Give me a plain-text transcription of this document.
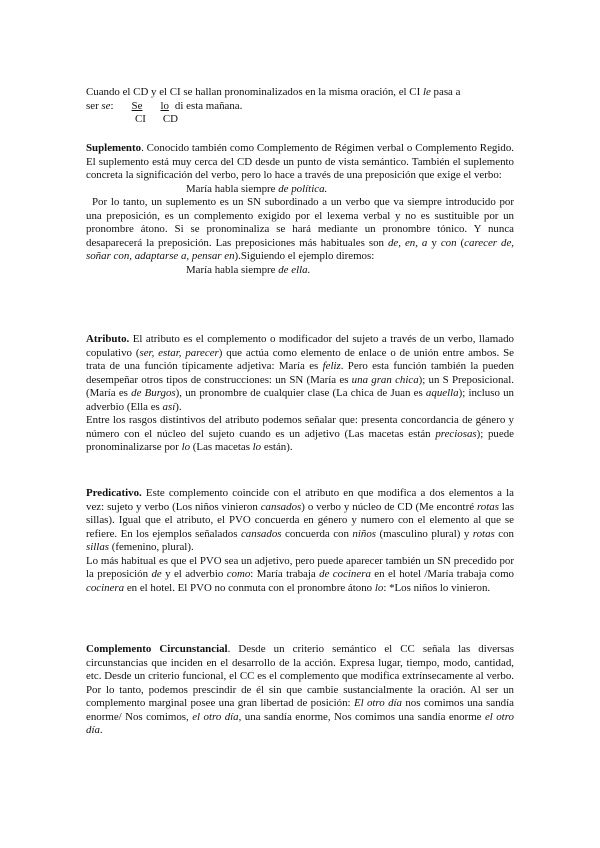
Cuando el CD y el CI se hallan pronominalizados en la misma oración, el CI le pasa a

ser se: Se lo di esta mañana.

CI CD

Suplemento. Conocido también como Complemento de Régimen verbal o Complemento Regido. El suplemento está muy cerca del CD desde un punto de vista semántico. También el suplemento concreta la significación del verbo, pero lo hace a través de una preposición que exige el verbo:

María habla siempre de política.

Por lo tanto, un suplemento es un SN subordinado a un verbo que va siempre introducido por una preposición, es un complemento exigido por el lexema verbal y no es sustituible por un pronombre átono. Si se pronominaliza se hará mediante un pronombre tónico. Y nunca desaparecerá la preposición. Las preposiciones más habituales son de, en, a y con (carecer de, soñar con, adaptarse a, pensar en).Siguiendo el ejemplo diremos:

María habla siempre de ella.

Atributo. El atributo es el complemento o modificador del sujeto a través de un verbo, llamado copulativo (ser, estar, parecer) que actúa como elemento de enlace o de unión entre ambos. Se trata de una función típicamente adjetiva: María es feliz. Pero esta función también la pueden desempeñar otros tipos de construcciones: un SN (María es una gran chica); un S Preposicional. (María es de Burgos), un pronombre de cualquier clase (La chica de Juan es aquella); incluso un adverbio (Ella es así).

Entre los rasgos distintivos del atributo podemos señalar que: presenta concordancia de género y número con el núcleo del sujeto cuando es un adjetivo (Las macetas están preciosas); puede pronominalizarse por lo (Las macetas lo están).

Predicativo. Este complemento coincide con el atributo en que modifica a dos elementos a la vez: sujeto y verbo (Los niños vinieron cansados) o verbo y núcleo de CD (Me encontré rotas las sillas). Igual que el atributo, el PVO concuerda en género y numero con el elemento al que se refiere. En los ejemplos señalados cansados concuerda con niños (masculino plural) y rotas con sillas (femenino, plural).

Lo más habitual es que el PVO sea un adjetivo, pero puede aparecer también un SN precedido por la preposición de y el adverbio como: María trabaja de cocinera en el hotel /María trabaja como cocinera en el hotel. El PVO no conmuta con el pronombre átono lo: *Los niños lo vinieron.

Complemento Circunstancial. Desde un criterio semántico el CC señala las diversas circunstancias que inciden en el desarrollo de la acción. Expresa lugar, tiempo, modo, cantidad, etc. Desde un criterio funcional, el CC es el complemento que modifica extrínsecamente al verbo. Por lo tanto, podemos prescindir de él sin que cambie sustancialmente la oración. Al ser un complemento marginal posee una gran libertad de posición: El otro día nos comimos una sandía enorme/ Nos comimos, el otro día, una sandía enorme, Nos comimos una sandía enorme el otro día.
